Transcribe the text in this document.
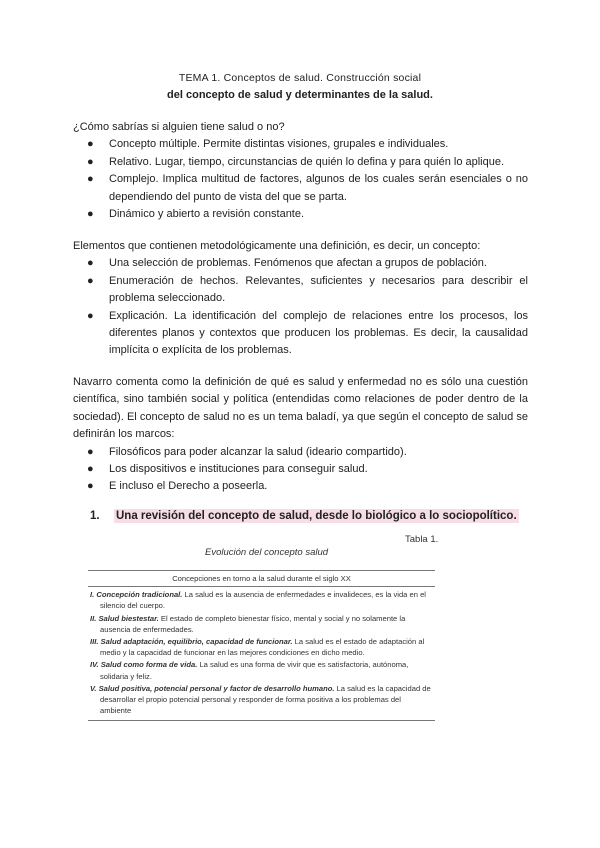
TEMA 1. Conceptos de salud. Construcción social
del concepto de salud y determinantes de la salud.
¿Cómo sabrías si alguien tiene salud o no?
● Concepto múltiple. Permite distintas visiones, grupales e individuales.
● Relativo. Lugar, tiempo, circunstancias de quién lo defina y para quién lo aplique.
● Complejo. Implica multitud de factores, algunos de los cuales serán esenciales o no dependiendo del punto de vista del que se parta.
● Dinámico y abierto a revisión constante.
Elementos que contienen metodológicamente una definición, es decir, un concepto:
● Una selección de problemas. Fenómenos que afectan a grupos de población.
● Enumeración de hechos. Relevantes, suficientes y necesarios para describir el problema seleccionado.
● Explicación. La identificación del complejo de relaciones entre los procesos, los diferentes planos y contextos que producen los problemas. Es decir, la causalidad implícita o explícita de los problemas.
Navarro comenta como la definición de qué es salud y enfermedad no es sólo una cuestión científica, sino también social y política (entendidas como relaciones de poder dentro de la sociedad). El concepto de salud no es un tema baladí, ya que según el concepto de salud se definirán los marcos:
● Filosóficos para poder alcanzar la salud (ideario compartido).
● Los dispositivos e instituciones para conseguir salud.
● E incluso el Derecho a poseerla.
1. Una revisión del concepto de salud, desde lo biológico a lo sociopolítico.
Tabla 1.
Evolución del concepto salud
Concepciones en torno a la salud durante el siglo XX
I. Concepción tradicional. La salud es la ausencia de enfermedades e invalideces, es la vida en el silencio del cuerpo.
II. Salud biestestar. El estado de completo bienestar físico, mental y social y no solamente la ausencia de enfermedades.
III. Salud adaptación, equilibrio, capacidad de funcionar. La salud es el estado de adaptación al medio y la capacidad de funcionar en las mejores condiciones en dicho medio.
IV. Salud como forma de vida. La salud es una forma de vivir que es satisfactoria, autónoma, solidaria y feliz.
V. Salud positiva, potencial personal y factor de desarrollo humano. La salud es la capacidad de desarrollar el propio potencial personal y responder de forma positiva a los problemas del ambiente
